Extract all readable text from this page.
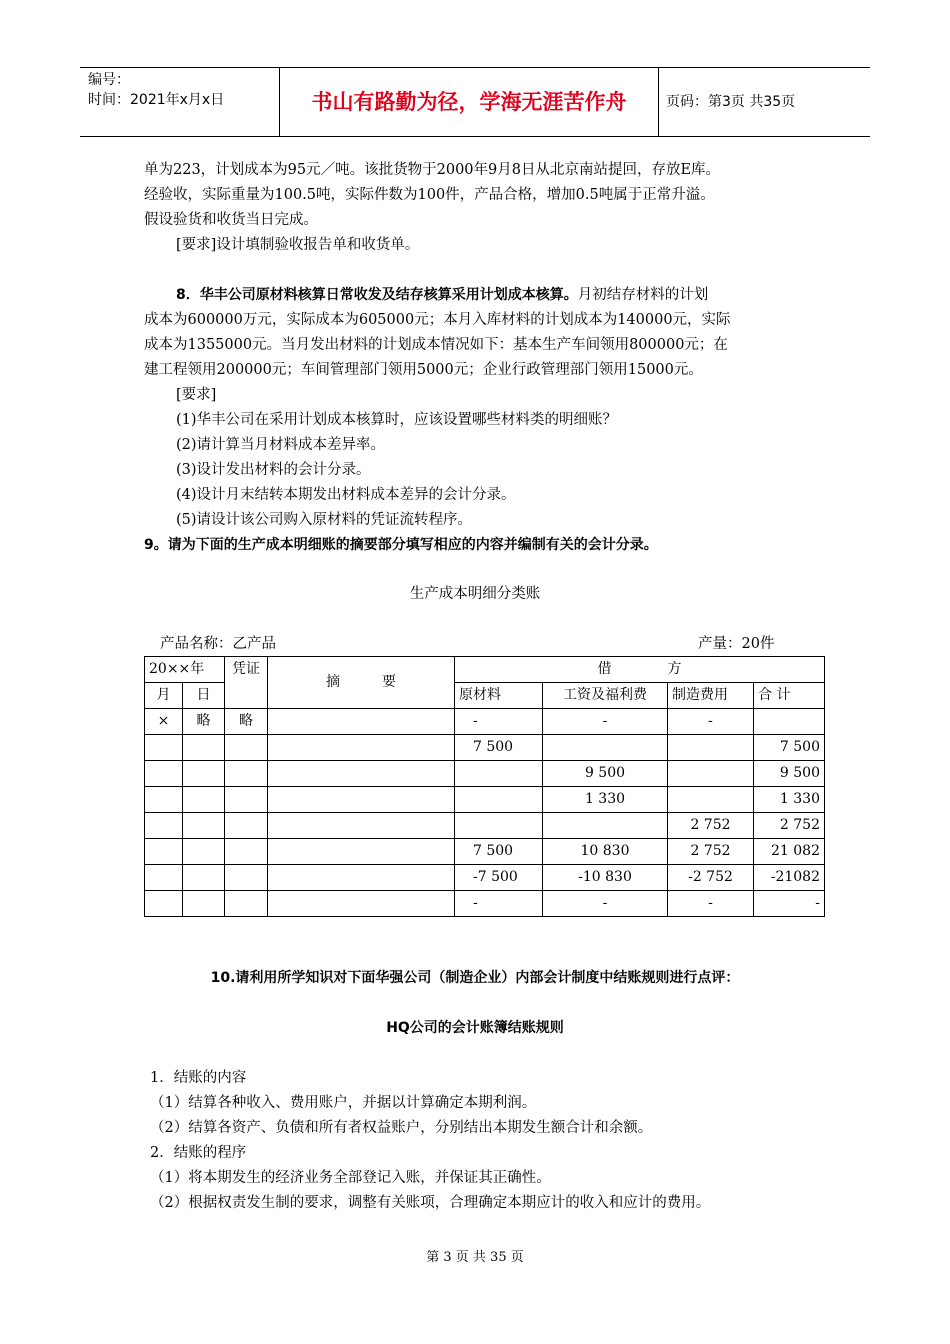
编号：
时间：2021年x月x日	书山有路勤为径，学海无涯苦作舟	页码：第3页 共35页
单为223，计划成本为95元／吨。该批货物于2000年9月8日从北京南站提回，存放E库。
经验收，实际重量为100.5吨，实际件数为100件，产品合格，增加0.5吨属于正常升溢。
假设验货和收货当日完成。
[要求]设计填制验收报告单和收货单。
8．华丰公司原材料核算日常收发及结存核算采用计划成本核算。月初结存材料的计划
成本为600000万元，实际成本为605000元；本月入库材料的计划成本为140000元，实际
成本为1355000元。当月发出材料的计划成本情况如下：基本生产车间领用800000元；在
建工程领用200000元；车间管理部门领用5000元；企业行政管理部门领用15000元。
[要求]
(1)华丰公司在采用计划成本核算时，应该设置哪些材料类的明细账？
(2)请计算当月材料成本差异率。
(3)设计发出材料的会计分录。
(4)设计月末结转本期发出材料成本差异的会计分录。
(5)请设计该公司购入原材料的凭证流转程序。
9。请为下面的生产成本明细账的摘要部分填写相应的内容并编制有关的会计分录。
生产成本明细分类账
产品名称：乙产品	产量：20件
20××年		凭证	摘　　　要	借　　　　方			

月	日			原材料	工资及福利费	制造费用	合 计
×	略	略		-	-	-	
				7 500			7 500
					9 500		9 500
					1 330		1 330
						2 752	2 752
				7 500	10 830	2 752	21 082
				-7 500	-10 830	-2 752	-21082
				-	-	-	-
10.请利用所学知识对下面华强公司（制造企业）内部会计制度中结账规则进行点评：
HQ公司的会计账簿结账规则
1．结账的内容
（1）结算各种收入、费用账户，并据以计算确定本期利润。
（2）结算各资产、负债和所有者权益账户，分别结出本期发生额合计和余额。
2．结账的程序
（1）将本期发生的经济业务全部登记入账，并保证其正确性。
（2）根据权责发生制的要求，调整有关账项，合理确定本期应计的收入和应计的费用。
第 3 页 共 35 页
